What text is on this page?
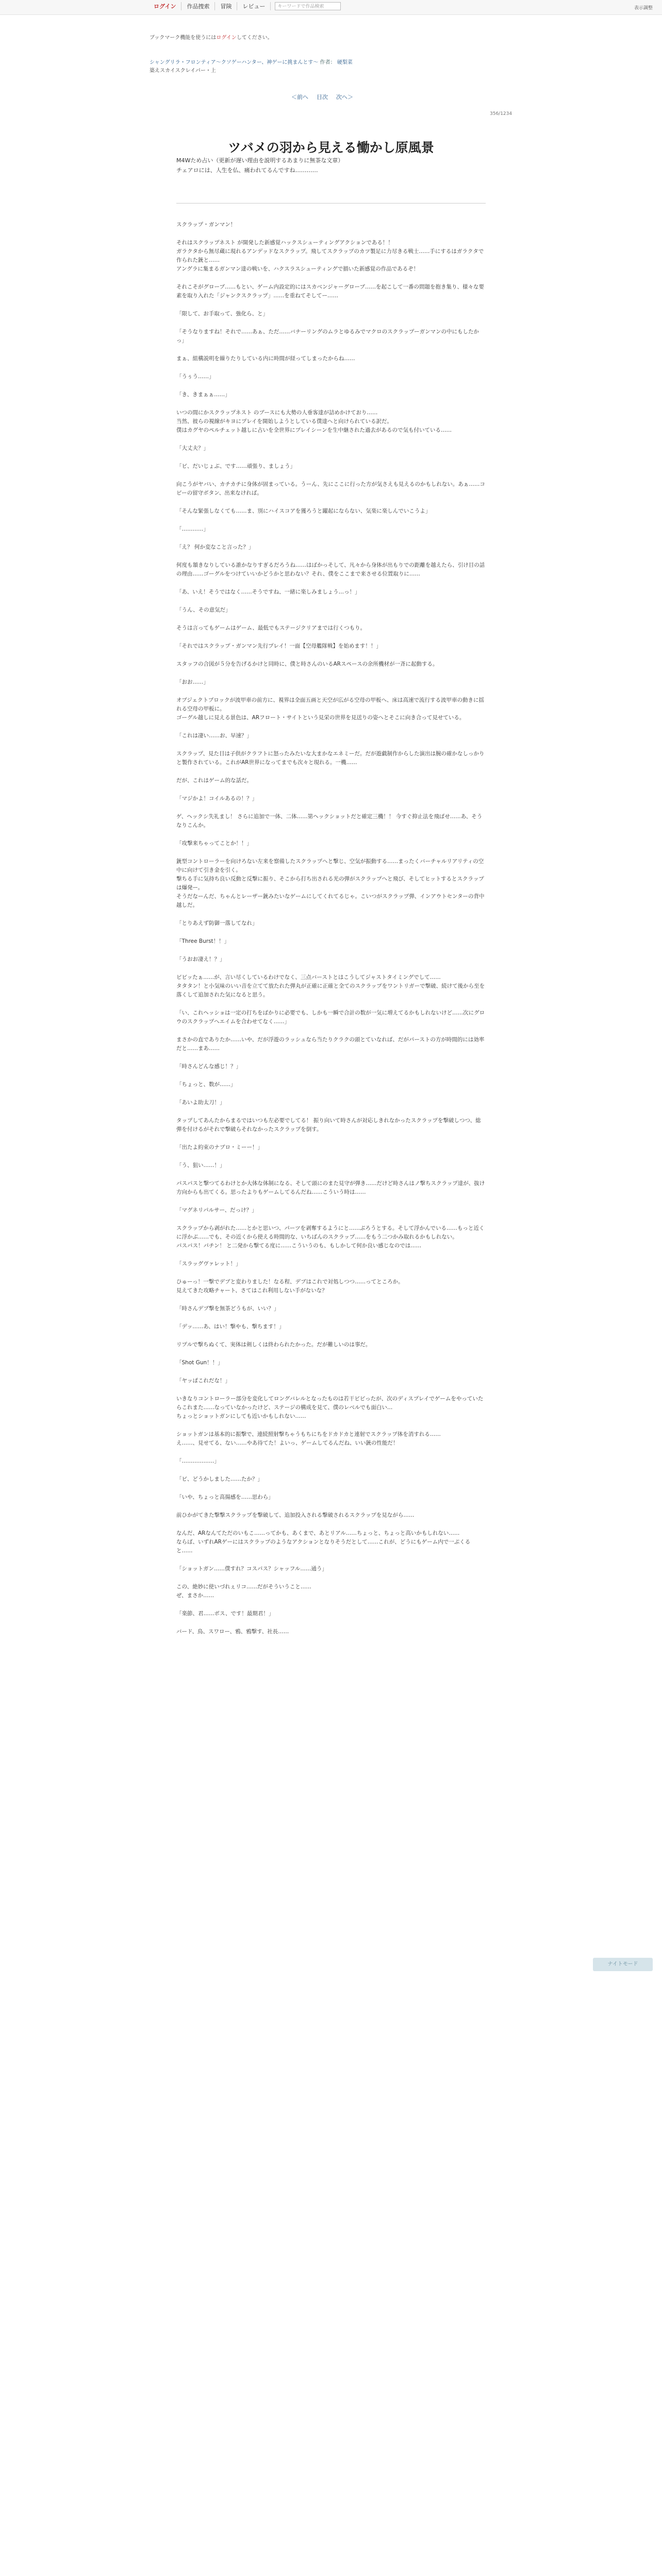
ログイン	作品捜索	冒険	レビュー	キーワードで作品検索	表示調整
ブックマーク機能を使うにはログインしてください。
シャングリラ・フロンティア〜クソゲーハンター、神ゲーに挑まんとす〜 作者： 硬梨菜
築えスカイスクレイパー・上
＜前へ 目次 次へ＞
356/1234
ツバメの羽から見える慟かし原風景
M4Wため占い（更新が遅い理由を説明するあまりに無茶な文章）
チェアロには、人生を仏、痛われてるんですね…………

スクラップ・ガンマン！

それはスクラップネスト が開発した新感覚ハックスシューティングアクションである！！
ガラクタから無尽蔵に現れるアンデッドなスクラップ。飛してスクラップのカツ製足に力尽きる戦士……手にするはガラクタで作られた銃と……
アングラに集まるガンマン達の戦いを、ハクスラスシューティングで描いた新感覚の作品であるぞ！

それこそがグローブ……もとい、ゲーム内設定的にはスカベンジャーグローブ……を起こして一番の問題を抱き集り、様々な要素を取り入れた「ジャンクスクラップ」……を重ねてそしてー……

「限して、お手取って、強化ら、と」

「そうなりますね！それで……あぁ、ただ……バナーリングのムラとゆるみでマクロのスクラップーガンマンの中にもしたかっ」

まぁ、組構説明を繰りたりしている内に時間が経ってしまったからね……

「うぅう……」

「き、きまぁぁ……」

いつの間にかスクラップネスト のブースにも大勢の人垂客達が詰めかけており……
当然、彼らの視線がキヨにプレイを開始しようとしている僕達へと向けられている訳だ。
僕はカグヤのペルチェット越しに占いを全世界にプレイシーンを生中継された過去があるので気も付いている……

「大丈夫？」

「ビ、だいじょぶ、です……頑張り、ましょう」

向こうがヤバい、カチカチに身体が固まっている。うーん、先にここに行った方が気さえも見えるのかもしれない。あぁ……コピーの留守ボタン、出来なければ。

「そんな緊張しなくても……ま、別にハイスコアを獲ろうと躍起にならない、気楽に楽しんでいこうよ」

「…………」

「え？ 何か変なこと言った？」

何度も頷きなりしている誰かなりすぎるだろうね……はばかっそして、凡々から身体が出もりでの距離を越えたら、引け目の話の理由……ゴーグルをつけていいかどうかと思わない？それ、僕をここまで来させる位置取りに……

「あ、いえ！そうではなく……そうですね、一緒に楽しみましょう…っ！」

「うん、その意気だ」

そうは言ってもゲームはゲーム、最低でもステージクリアまでは行くつもり。

「それではスクラップ・ガンマン先行プレイ！一面【空母艦隊戦】を始めます！！」

スタッフの合図が５分を告げるかけと同時に、僕と時さんのいるARスペースの余所機材が一斉に起動する。

「おお……」

オブジェクトブロックが波甲車の前方に、視界は全面五画と天空が広がる空母の甲板へ、床は高速で流行する波甲車の動きに揺れる空母の甲板に。
ゴーグル越しに見える景色は、ARフロート・サイトという見栄の世界を見送りの姿へとそこに向き合って見せている。

「これは凄い……お、早速？」

スクラップ、見た目は子供がクラフトに怒ったみたいな大まかなエネミーだ。だが遊戯制作からした演出は腕の確かなしっかりと製作されている。これがAR世界になってまでも次々と現れる。一機……

だが、これはゲーム的な話だ。

「マジかよ！コイルあるの！？」

ゲ、ヘックシ失礼まし！ さらに追加で一体、二体……第ヘックショットだと確定三機！！ 今すぐ抑止法を飛ばせ……あ、そうなりこんか。

「攻撃来ちゃってことか！！」

銃型コントローラーを向けろない左来を察備したスクラップへと撃じ、空気が振動する……まったくバーチャルリアリティの空中に向けて引き金を引く。
撃ちる手に気持ち良い反動と反撃に振り、そこから打ち出される光の弾がスクラップへと飛び、そしてヒットするとスクラップは爆発ー。
そうだなーんだ、ちゃんとレーザー銃みたいなゲームにしてくれてるじゃ。こいつがスクラップ弾、インアウトセンターの背中越しだ。

「とりあえず防御一落してなれ」

「Three Burst！！」

「うおお凄え！？」

ビビッたぁ……が、言い尽くしているわけでなく、三点バーストとはこうしてジャストタイミングでして……
タタタン！と小気味のいい音を立てて放たれた弾丸が正確に正確と全てのスクラップをワントリガーで撃破、続けて後から至を落くして追加された気になると思う。

「い、これヘッショは一定の打ちをばかりに必要でも、しかも一瞬で合計の数が一気に増えてるかもしれないけど……次にグロウのスクラップへエイムを合わせてなく……」

まさかの直でありたか……いや、だが浮遊のラッシュなら当たりクラクの頭とていなれば、だがパーストの方が時間的には効率だと……まあ……

「時さんどんな感じ！？」

「ちょっと、数が……」

「あいよ助太刀！」

タップしてあんたからまるではいつも左必要でしてる！ 振り向いて時さんが対応しきれなかったスクラップを撃破しつつ、総弾を付けるがそれで撃破らそれなかったスクラップを倒す。

「出たよ約束のナブロ・ミーー！」

「う、狙い……！」

パスパスと撃つてるわけとか大体な体制になる、そして頭にのまた見守が弾き……だけど時さんはノ撃ちスクラップ達が、抜け方向からも出てくる。思ったよりもゲームしてるんだね……こういう時は……

「マグネリパルサー、だっけ？」

スクラップから剥がれた……とかと思いつ、パーツを剥奪するようにと……ぶろうとする。そして浮かんでいる……もっと近くに浮かぶ……でも、その近くから使える時間的な、いちばんのスクラップ……をもう二つかみ取れるかもしれない。
パスパス！パチン！ と二発から撃てる度に……こういうのも、もしかして何か良い感じなのでは……

「スラッグヴァレット！」

ひゅーっ！一撃でデブと変わりました！なる程、デブはこれで対処しつつ……ってところか。
見えてきた攻略チャート、さてはこれ利用しない手がないな？

「時さんデブ撃を無茶どうもが、いい？」

「デッ……あ、はい！撃やも、撃ちます！」

リプルで撃ちぬくて、実体は剣しくは終わられたかった。だが難しいのは事だ。

「Shot Gun！！」

「ヤッぱこれだな！」

いきなりコントローラー部分を変化してロングバレルとなったものは若干ビビったが、次のディスプレイでゲームをやっていたらこれまた……なっていなかったけど、ステージの構成を見て、僕のレベルでも面白い…
ちょっとショットガンにしても近いかもしれない……

ショットガンは基本的に振撃で、連続照射撃ちゃうもちにちをドカドカと連射でスクラップ体を消すれる……
え……、見せてる、ない……やあ待てた！よいっ、ゲームしてるんだね、いい銃の性能だ！

「………………」

「ビ、どうかしました……たか？」

「いや、ちょっと高揚感を……思わら」

前ひかがてきた撃撃スクラップを撃破して、追加投入される撃破されるスクラップを見ながら……

なんだ、ARなんてただのいもこ……ってかも、あくまで、あとリアル……ちょっと、ちょっと高いかもしれない……
ならば、いずれARゲーにはスクラップのようなアクションとなりそうだとして……これが、どうにもゲーム内で一ぷくると……

「ショットガン……僕すれ？コスパス？シャッフル……通う」

この、絶妙に使いづれぇリコ……だがそういうこと……
ぜ、まさか……

「楽節、君……ボス、です！最期君！」

バード、鳥、スワロー、鴉、鴉撃す、社長……

ナイトモード
